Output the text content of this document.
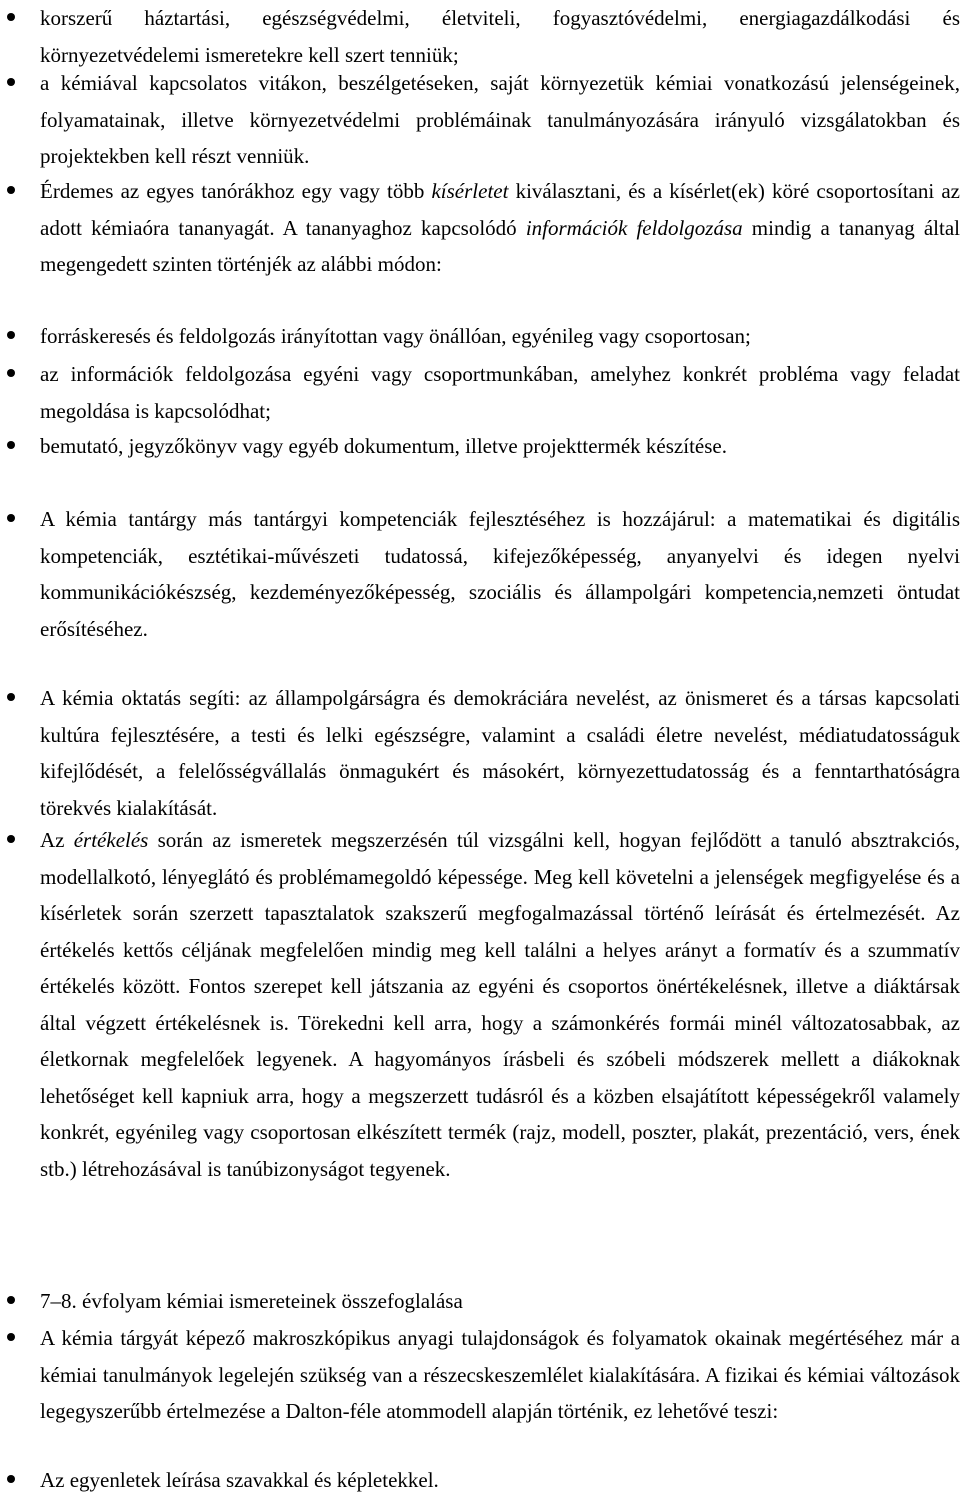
korszerű háztartási, egészségvédelmi, életviteli, fogyasztóvédelmi, energiagazdálkodási és környezetvédelemi ismeretekre kell szert tenniük;
a kémiával kapcsolatos vitákon, beszélgetéseken, saját környezetük kémiai vonatkozású jelenségeinek, folyamatainak, illetve környezetvédelmi problémáinak tanulmányozására irányuló vizsgálatokban és projektekben kell részt venniük.
Érdemes az egyes tanórákhoz egy vagy több kísérletet kiválasztani, és a kísérlet(ek) köré csoportosítani az adott kémiaóra tananyagát. A tananyaghoz kapcsolódó információk feldolgozása mindig a tananyag által megengedett szinten történjék az alábbi módon:
forráskeresés és feldolgozás irányítottan vagy önállóan, egyénileg vagy csoportosan;
az információk feldolgozása egyéni vagy csoportmunkában, amelyhez konkrét probléma vagy feladat megoldása is kapcsolódhat;
bemutató, jegyzőkönyv vagy egyéb dokumentum, illetve projekttermék készítése.
A kémia tantárgy más tantárgyi kompetenciák fejlesztéséhez is hozzájárul: a matematikai és digitális kompetenciák, esztétikai-művészeti tudatossá, kifejezőképesség, anyanyelvi és idegen nyelvi kommunikációkészség, kezdeményezőképesség, szociális és állampolgári kompetencia,nemzeti öntudat erősítéséhez.
A kémia oktatás segíti: az állampolgárságra és demokráciára nevelést, az önismeret és a társas kapcsolati kultúra fejlesztésére, a testi és lelki egészségre, valamint a családi életre nevelést, médiatudatosságuk kifejlődését, a felelősségvállalás önmagukért és másokért, környezettudatosság és a fenntarthatóságra törekvés kialakítását.
Az értékelés során az ismeretek megszerzésén túl vizsgálni kell, hogyan fejlődött a tanuló absztrakciós, modellalkotó, lényeglátó és problémamegoldó képessége. Meg kell követelni a jelenségek megfigyelése és a kísérletek során szerzett tapasztalatok szakszerű megfogalmazással történő leírását és értelmezését. Az értékelés kettős céljának megfelelően mindig meg kell találni a helyes arányt a formatív és a szummatív értékelés között. Fontos szerepet kell játszania az egyéni és csoportos önértékelésnek, illetve a diáktársak által végzett értékelésnek is. Törekedni kell arra, hogy a számonkérés formái minél változatosabbak, az életkornak megfelelőek legyenek. A hagyományos írásbeli és szóbeli módszerek mellett a diákoknak lehetőséget kell kapniuk arra, hogy a megszerzett tudásról és a közben elsajátított képességekről valamely konkrét, egyénileg vagy csoportosan elkészített termék (rajz, modell, poszter, plakát, prezentáció, vers, ének stb.) létrehozásával is tanúbizonyságot tegyenek.
7–8. évfolyam kémiai ismereteinek összefoglalása
A kémia tárgyát képező makroszkópikus anyagi tulajdonságok és folyamatok okainak megértéséhez már a kémiai tanulmányok legelején szükség van a részecskeszemlélet kialakítására. A fizikai és kémiai változások legegyszerűbb értelmezése a Dalton-féle atommodell alapján történik, ez lehetővé teszi:
Az egyenletek leírása szavakkal és képletekkel.
